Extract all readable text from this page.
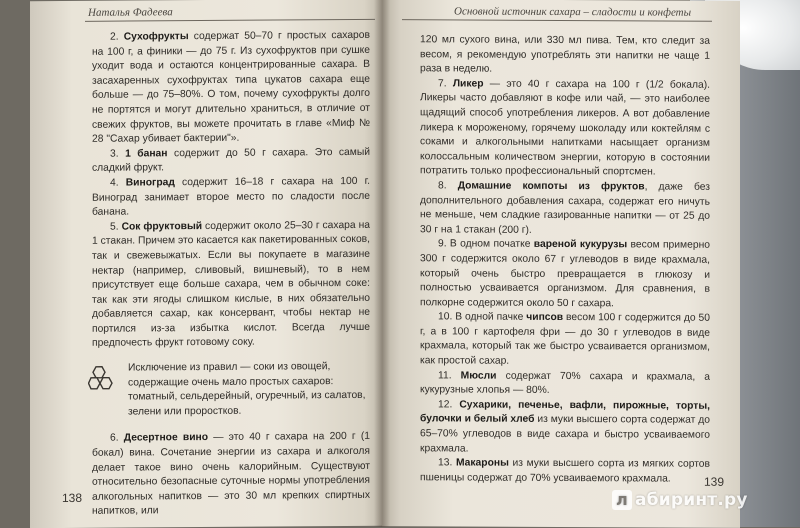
Наталья Фадеева

2. Сухофрукты содержат 50–70 г простых сахаров на 100 г, а финики — до 75 г. Из сухофруктов при сушке уходит вода и остаются концентрированные сахара. В засахаренных сухофруктах типа цукатов сахара еще больше — до 75–80%. О том, почему сухофрукты долго не портятся и могут длительно храниться, в отличие от свежих фруктов, вы можете прочитать в главе «Миф № 28 "Сахар убивает бактерии"».

3. 1 банан содержит до 50 г сахара. Это самый сладкий фрукт.

4. Виноград содержит 16–18 г сахара на 100 г. Виноград занимает второе место по сладости после банана.

5. Сок фруктовый содержит около 25–30 г сахара на 1 стакан. Причем это касается как пакетированных соков, так и свежевыжатых. Если вы покупаете в магазине нектар (например, сливовый, вишневый), то в нем присутствует еще больше сахара, чем в обычном соке: так как эти ягоды слишком кислые, в них обязательно добавляется сахар, как консервант, чтобы нектар не портился из-за избытка кислот. Всегда лучше предпочесть фрукт готовому соку.

Исключение из правил — соки из овощей, содержащие очень мало простых сахаров: томатный, сельдерейный, огуречный, из салатов, зелени или проростков.

6. Десертное вино — это 40 г сахара на 200 г (1 бокал) вина. Сочетание энергии из сахара и алкоголя делает такое вино очень калорийным. Существуют относительно безопасные суточные нормы употребления алкогольных напитков — это 30 мл крепких спиртных напитков, или

138
Основной источник сахара – сладости и конфеты

120 мл сухого вина, или 330 мл пива. Тем, кто следит за весом, я рекомендую употреблять эти напитки не чаще 1 раза в неделю.

7. Ликер — это 40 г сахара на 100 г (1/2 бокала). Ликеры часто добавляют в кофе или чай, — это наиболее щадящий способ употребления ликеров. А вот добавление ликера к мороженому, горячему шоколаду или коктейлям с соками и алкогольными напитками насыщает организм колоссальным количеством энергии, которую в состоянии потратить только профессиональный спортсмен.

8. Домашние компоты из фруктов, даже без дополнительного добавления сахара, содержат его ничуть не меньше, чем сладкие газированные напитки — от 25 до 30 г на 1 стакан (200 г).

9. В одном початке вареной кукурузы весом примерно 300 г содержится около 67 г углеводов в виде крахмала, который очень быстро превращается в глюкозу и полностью усваивается организмом. Для сравнения, в полкорне содержится около 50 г сахара.

10. В одной пачке чипсов весом 100 г содержится до 50 г, а в 100 г картофеля фри — до 30 г углеводов в виде крахмала, который так же быстро усваивается организмом, как простой сахар.

11. Мюсли содержат 70% сахара и крахмала, а кукурузные хлопья — 80%.

12. Сухарики, печенье, вафли, пирожные, торты, булочки и белый хлеб из муки высшего сорта содержат до 65–70% углеводов в виде сахара и быстро усваиваемого крахмала.

13. Макароны из муки высшего сорта из мягких сортов пшеницы содержат до 70% усваиваемого крахмала.	139
л абиринт.ру
